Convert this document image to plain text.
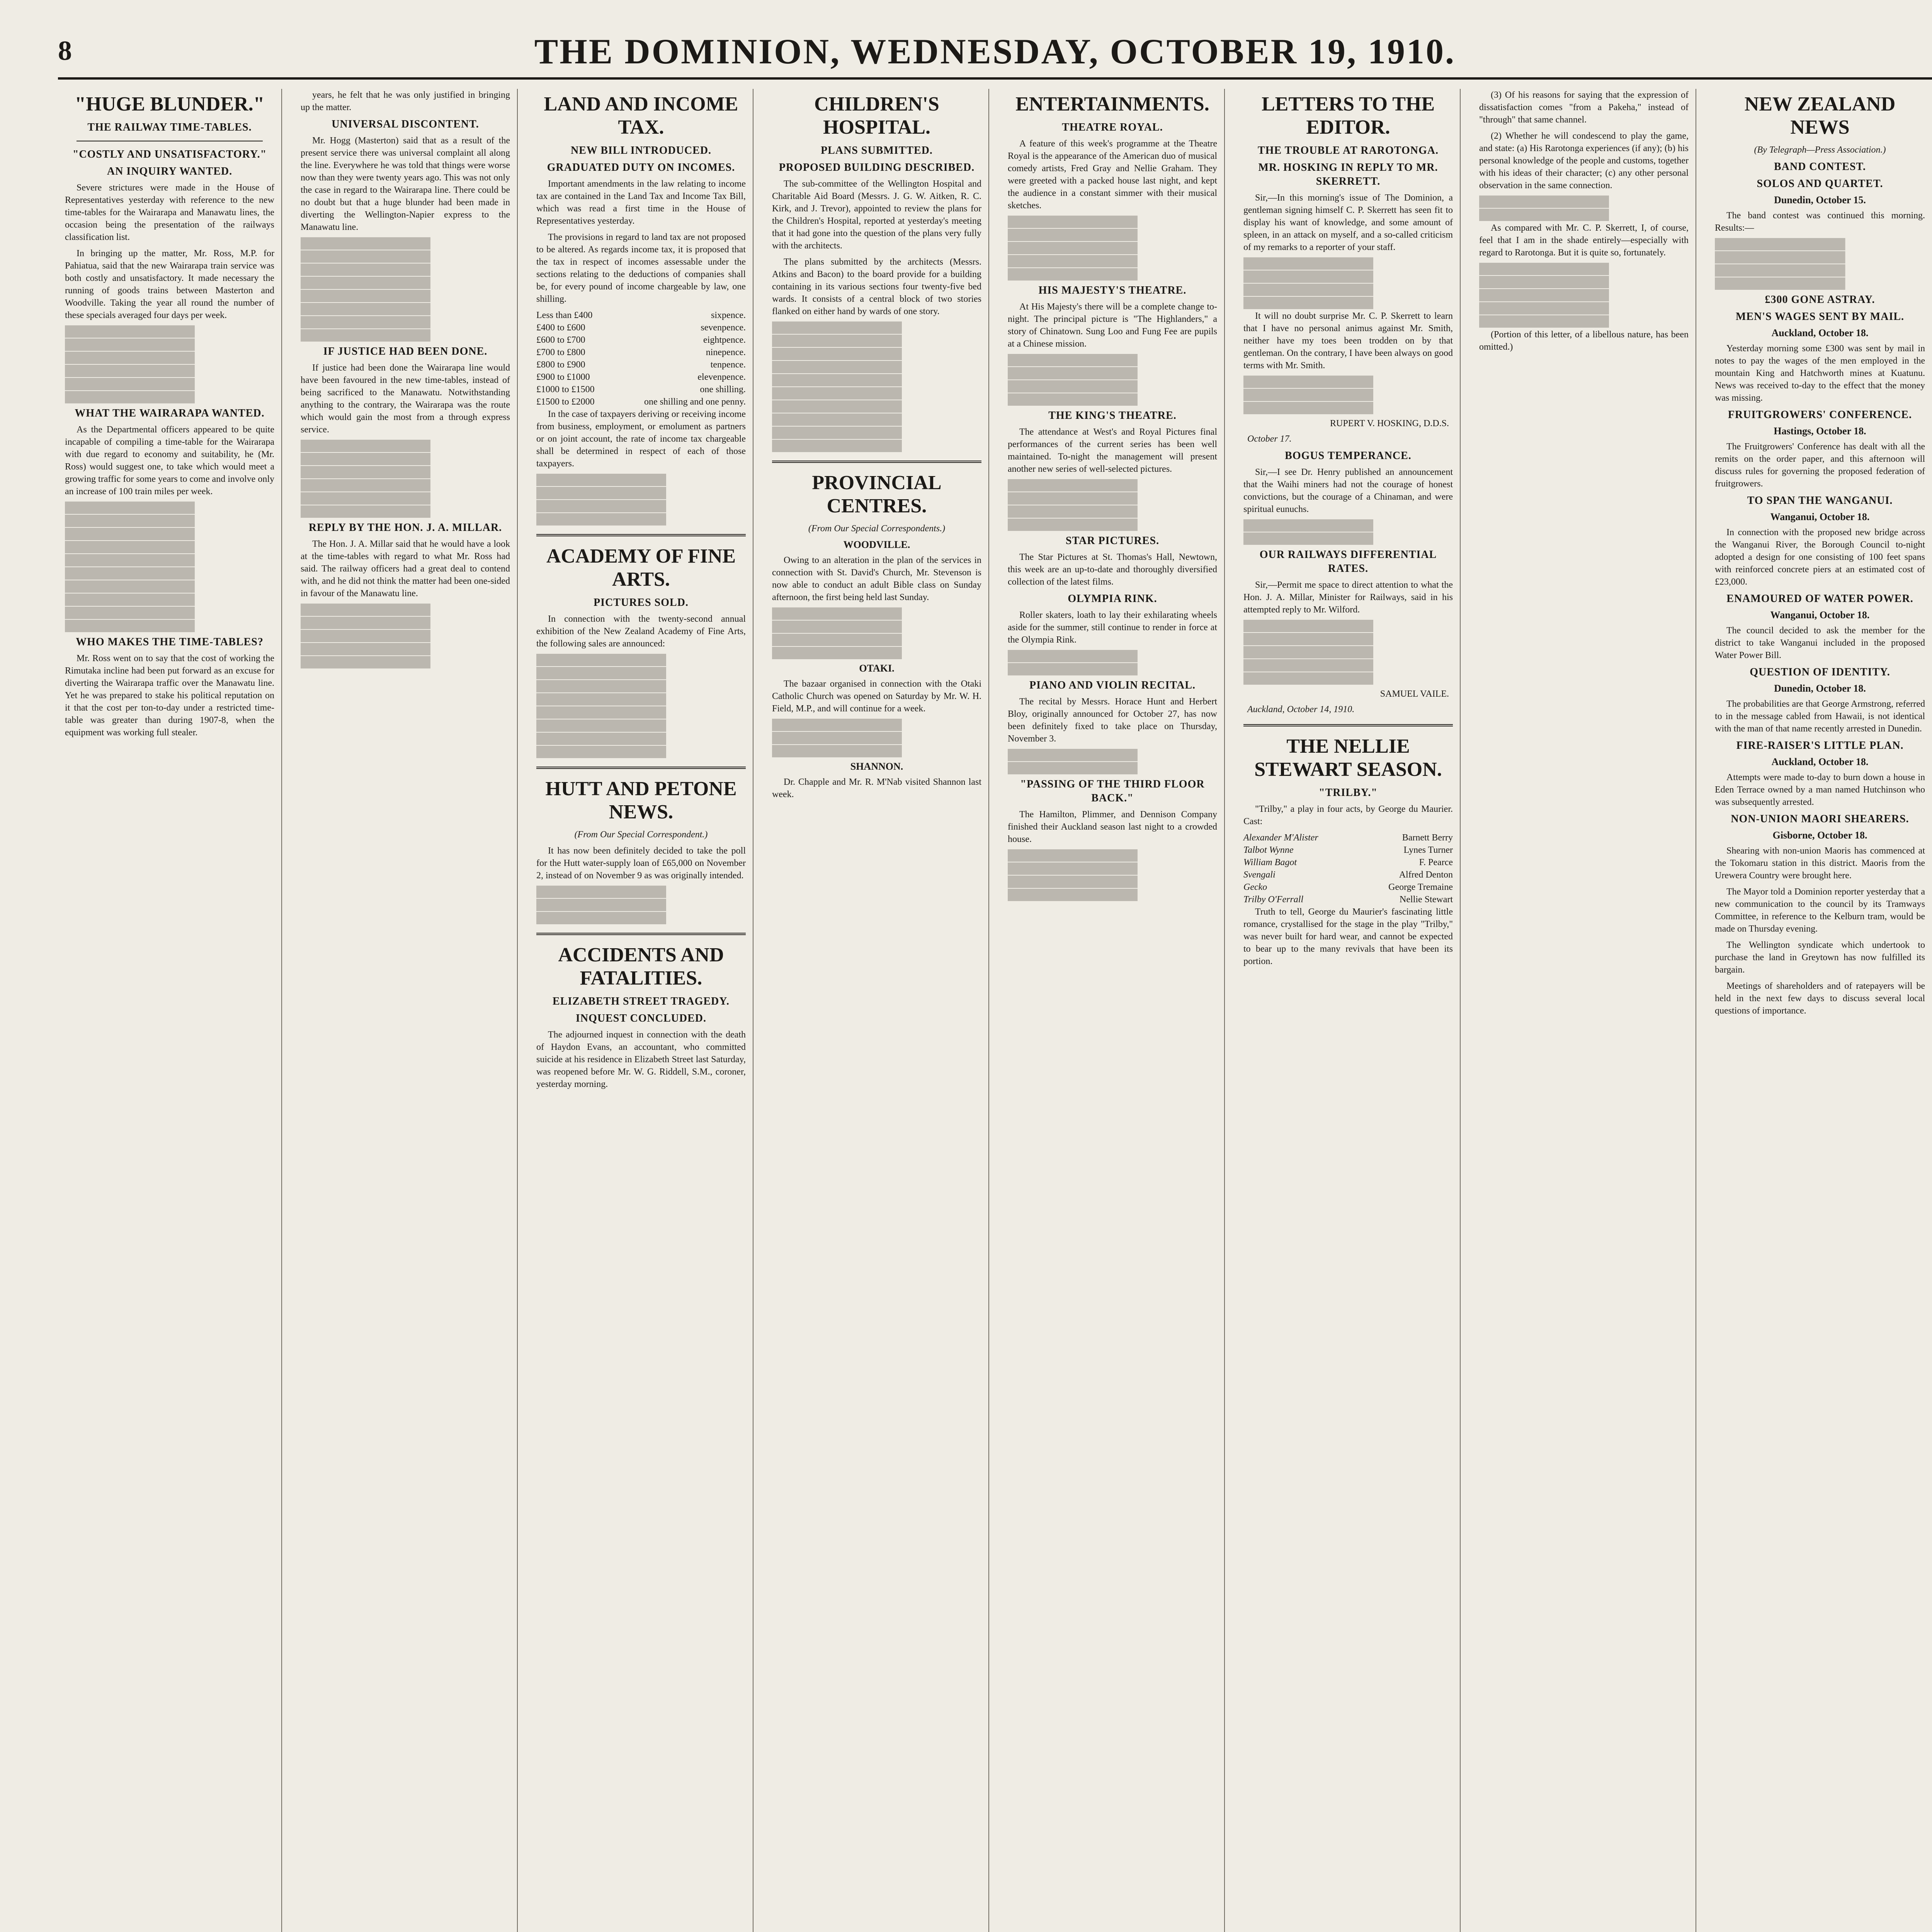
8	THE DOMINION, WEDNESDAY, OCTOBER 19, 1910.
"HUGE BLUNDER."
THE RAILWAY TIME-TABLES.
"COSTLY AND UNSATISFACTORY."
AN INQUIRY WANTED.

Severe strictures were made in the House of Representatives yesterday with reference to the new time-tables for the Wairarapa and Manawatu lines, the occasion being the presentation of the railways classification list.

In bringing up the matter, Mr. Ross, M.P. for Pahiatua, said that the new Wairarapa train service was both costly and unsatisfactory. It made necessary the running of goods trains between Masterton and Woodville. Taking the year all round the number of these specials averaged four days per week.

WHAT THE WAIRARAPA WANTED.

As the Departmental officers appeared to be quite incapable of compiling a time-table for the Wairarapa with due regard to economy and suitability, he (Mr. Ross) would suggest one, to take which would meet a growing traffic for some years to come and involve only an increase of 100 train miles per week.

WHO MAKES THE TIME-TABLES?

Mr. Ross went on to say that the cost of working the Rimutaka incline had been put forward as an excuse for diverting the Wairarapa traffic over the Manawatu line. Yet he was prepared to stake his political reputation on it that the cost per ton-to-day under a restricted time-table was greater than during 1907-8, when the equipment was working full stealer.

years, he felt that he was only justified in bringing up the matter.

UNIVERSAL DISCONTENT.

Mr. Hogg (Masterton) said that as a result of the present service there was universal complaint all along the line. Everywhere he was told that things were worse now than they were twenty years ago. This was not only the case in regard to the Wairarapa line. There could be no doubt but that a huge blunder had been made in diverting the Wellington-Napier express to the Manawatu line.

IF JUSTICE HAD BEEN DONE.

If justice had been done the Wairarapa line would have been favoured in the new time-tables, instead of being sacrificed to the Manawatu. Notwithstanding anything to the contrary, the Wairarapa was the route which would gain the most from a through express service.

REPLY BY THE HON. J. A. MILLAR.

The Hon. J. A. Millar said that he would have a look at the time-tables with regard to what Mr. Ross had said. The railway officers had a great deal to contend with, and he did not think the matter had been one-sided in favour of the Manawatu line.

LAND AND INCOME TAX.
NEW BILL INTRODUCED.
GRADUATED DUTY ON INCOMES.

Important amendments in the law relating to income tax are contained in the Land Tax and Income Tax Bill, which was read a first time in the House of Representatives yesterday.

The provisions in regard to land tax are not proposed to be altered. As regards income tax, it is proposed that the tax in respect of incomes assessable under the sections relating to the deductions of companies shall be, for every pound of income chargeable by law, one shilling.

Less than £400	sixpence.
£400 to £600	sevenpence.
£600 to £700	eightpence.
£700 to £800	ninepence.
£800 to £900	tenpence.
£900 to £1000	elevenpence.
£1000 to £1500	one shilling.
£1500 to £2000	one shilling and one penny.

In the case of taxpayers deriving or receiving income from business, employment, or emolument as partners or on joint account, the rate of income tax chargeable shall be determined in respect of each of those taxpayers.

ACADEMY OF FINE ARTS.
PICTURES SOLD.

In connection with the twenty-second annual exhibition of the New Zealand Academy of Fine Arts, the following sales are announced:

HUTT AND PETONE NEWS.
(From Our Special Correspondent.)

It has now been definitely decided to take the poll for the Hutt water-supply loan of £65,000 on November 2, instead of on November 9 as was originally intended.

ACCIDENTS AND FATALITIES.
ELIZABETH STREET TRAGEDY.
INQUEST CONCLUDED.

The adjourned inquest in connection with the death of Haydon Evans, an accountant, who committed suicide at his residence in Elizabeth Street last Saturday, was reopened before Mr. W. G. Riddell, S.M., coroner, yesterday morning.

CHILDREN'S HOSPITAL.
PLANS SUBMITTED.
PROPOSED BUILDING DESCRIBED.

The sub-committee of the Wellington Hospital and Charitable Aid Board (Messrs. J. G. W. Aitken, R. C. Kirk, and J. Trevor), appointed to review the plans for the Children's Hospital, reported at yesterday's meeting that it had gone into the question of the plans very fully with the architects.

The plans submitted by the architects (Messrs. Atkins and Bacon) to the board provide for a building containing in its various sections four twenty-five bed wards. It consists of a central block of two stories flanked on either hand by wards of one story.

PROVINCIAL CENTRES.
(From Our Special Correspondents.)
WOODVILLE.

Owing to an alteration in the plan of the services in connection with St. David's Church, Mr. Stevenson is now able to conduct an adult Bible class on Sunday afternoon, the first being held last Sunday.

OTAKI.

The bazaar organised in connection with the Otaki Catholic Church was opened on Saturday by Mr. W. H. Field, M.P., and will continue for a week.

SHANNON.

Dr. Chapple and Mr. R. M'Nab visited Shannon last week.

ENTERTAINMENTS.
THEATRE ROYAL.

A feature of this week's programme at the Theatre Royal is the appearance of the American duo of musical comedy artists, Fred Gray and Nellie Graham. They were greeted with a packed house last night, and kept the audience in a constant simmer with their musical sketches.

HIS MAJESTY'S THEATRE.

At His Majesty's there will be a complete change to-night. The principal picture is "The Highlanders," a story of Chinatown. Sung Loo and Fung Fee are pupils at a Chinese mission.

THE KING'S THEATRE.

The attendance at West's and Royal Pictures final performances of the current series has been well maintained. To-night the management will present another new series of well-selected pictures.

STAR PICTURES.

The Star Pictures at St. Thomas's Hall, Newtown, this week are an up-to-date and thoroughly diversified collection of the latest films.

OLYMPIA RINK.

Roller skaters, loath to lay their exhilarating wheels aside for the summer, still continue to render in force at the Olympia Rink.

PIANO AND VIOLIN RECITAL.

The recital by Messrs. Horace Hunt and Herbert Bloy, originally announced for October 27, has now been definitely fixed to take place on Thursday, November 3.

"PASSING OF THE THIRD FLOOR BACK."

The Hamilton, Plimmer, and Dennison Company finished their Auckland season last night to a crowded house.

LETTERS TO THE EDITOR.
THE TROUBLE AT RAROTONGA.
MR. HOSKING IN REPLY TO MR. SKERRETT.

Sir,—In this morning's issue of The Dominion, a gentleman signing himself C. P. Skerrett has seen fit to display his want of knowledge, and some amount of spleen, in an attack on myself, and a so-called criticism of my remarks to a reporter of your staff.

It will no doubt surprise Mr. C. P. Skerrett to learn that I have no personal animus against Mr. Smith, neither have my toes been trodden on by that gentleman. On the contrary, I have been always on good terms with Mr. Smith.

RUPERT V. HOSKING, D.D.S.
October 17.
BOGUS TEMPERANCE.

Sir,—I see Dr. Henry published an announcement that the Waihi miners had not the courage of honest convictions, but the courage of a Chinaman, and were spiritual eunuchs.

OUR RAILWAYS DIFFERENTIAL RATES.

Sir,—Permit me space to direct attention to what the Hon. J. A. Millar, Minister for Railways, said in his attempted reply to Mr. Wilford.

SAMUEL VAILE.
Auckland, October 14, 1910.
THE NELLIE STEWART SEASON.
"TRILBY."

"Trilby," a play in four acts, by George du Maurier. Cast:

Alexander M'Alister	Barnett Berry
Talbot Wynne	Lynes Turner
William Bagot	F. Pearce
Svengali	Alfred Denton
Gecko	George Tremaine
Trilby O'Ferrall	Nellie Stewart

Truth to tell, George du Maurier's fascinating little romance, crystallised for the stage in the play "Trilby," was never built for hard wear, and cannot be expected to bear up to the many revivals that have been its portion.

(3) Of his reasons for saying that the expression of dissatisfaction comes "from a Pakeha," instead of "through" that same channel.

(2) Whether he will condescend to play the game, and state: (a) His Rarotonga experiences (if any); (b) his personal knowledge of the people and customs, together with his ideas of their character; (c) any other personal observation in the same connection.

As compared with Mr. C. P. Skerrett, I, of course, feel that I am in the shade entirely—especially with regard to Rarotonga. But it is quite so, fortunately.

(Portion of this letter, of a libellous nature, has been omitted.)

NEW ZEALAND NEWS
(By Telegraph—Press Association.)
BAND CONTEST.
SOLOS AND QUARTET.
Dunedin, October 15.

The band contest was continued this morning. Results:—

£300 GONE ASTRAY.
MEN'S WAGES SENT BY MAIL.
Auckland, October 18.

Yesterday morning some £300 was sent by mail in notes to pay the wages of the men employed in the mountain King and Hatchworth mines at Kuatunu. News was received to-day to the effect that the money was missing.

FRUITGROWERS' CONFERENCE.
Hastings, October 18.

The Fruitgrowers' Conference has dealt with all the remits on the order paper, and this afternoon will discuss rules for governing the proposed federation of fruitgrowers.

TO SPAN THE WANGANUI.
Wanganui, October 18.

In connection with the proposed new bridge across the Wanganui River, the Borough Council to-night adopted a design for one consisting of 100 feet spans with reinforced concrete piers at an estimated cost of £23,000.

ENAMOURED OF WATER POWER.
Wanganui, October 18.

The council decided to ask the member for the district to take Wanganui included in the proposed Water Power Bill.

QUESTION OF IDENTITY.
Dunedin, October 18.

The probabilities are that George Armstrong, referred to in the message cabled from Hawaii, is not identical with the man of that name recently arrested in Dunedin.

FIRE-RAISER'S LITTLE PLAN.
Auckland, October 18.

Attempts were made to-day to burn down a house in Eden Terrace owned by a man named Hutchinson who was subsequently arrested.

NON-UNION MAORI SHEARERS.
Gisborne, October 18.

Shearing with non-union Maoris has commenced at the Tokomaru station in this district. Maoris from the Urewera Country were brought here.

The Mayor told a Dominion reporter yesterday that a new communication to the council by its Tramways Committee, in reference to the Kelburn tram, would be made on Thursday evening.

The Wellington syndicate which undertook to purchase the land in Greytown has now fulfilled its bargain.

Meetings of shareholders and of ratepayers will be held in the next few days to discuss several local questions of importance.
